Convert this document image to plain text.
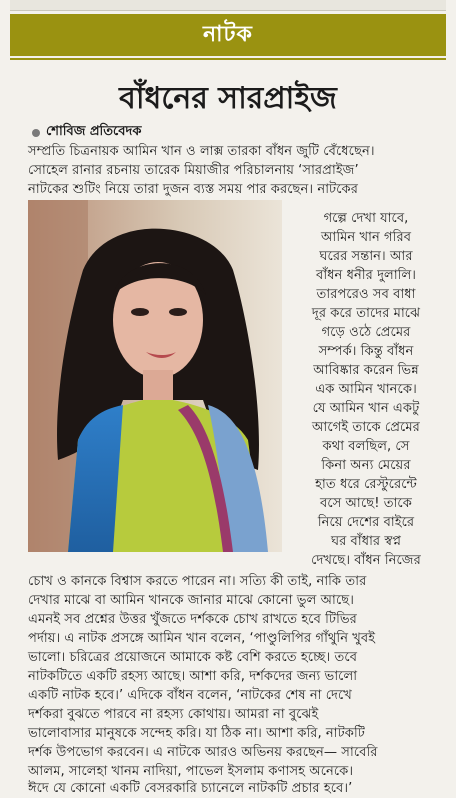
নাটক
বাঁধনের সারপ্রাইজ
শোবিজ প্রতিবেদক
সম্প্রতি চিত্রনায়ক আমিন খান ও লাক্স তারকা বাঁধন জুটি বেঁধেছেন।
সোহেল রানার রচনায় তারেক মিয়াজীর পরিচালনায় ‘সারপ্রাইজ’
নাটকের শুটিং নিয়ে তারা দুজন ব্যস্ত সময় পার করছেন। নাটকের
গল্পে দেখা যাবে,
আমিন খান গরিব
ঘরের সন্তান। আর
বাঁধন ধনীর দুলালি।
তারপরেও সব বাধা
দূর করে তাদের মাঝে
গড়ে ওঠে প্রেমের
সম্পর্ক। কিন্তু বাঁধন
আবিষ্কার করেন ভিন্ন
এক আমিন খানকে।
যে আমিন খান একটু
আগেই তাকে প্রেমের
কথা বলছিল, সে
কিনা অন্য মেয়ের
হাত ধরে রেস্টুরেন্টে
বসে আছে! তাকে
নিয়ে দেশের বাইরে
ঘর বাঁধার স্বপ্ন
দেখছে। বাঁধন নিজের
চোখ ও কানকে বিশ্বাস করতে পারেন না। সত্যি কী তাই, নাকি তার
দেখার মাঝে বা আমিন খানকে জানার মাঝে কোনো ভুল আছে।
এমনই সব প্রশ্নের উত্তর খুঁজতে দর্শককে চোখ রাখতে হবে টিভির
পর্দায়। এ নাটক প্রসঙ্গে আমিন খান বলেন, ‘পাণ্ডুলিপির গাঁথুনি খুবই
ভালো। চরিত্রের প্রয়োজনে আমাকে কষ্ট বেশি করতে হচ্ছে। তবে
নাটকটিতে একটি রহস্য আছে। আশা করি, দর্শকদের জন্য ভালো
একটি নাটক হবে।’ এদিকে বাঁধন বলেন, ‘নাটকের শেষ না দেখে
দর্শকরা বুঝতে পারবে না রহস্য কোথায়। আমরা না বুঝেই
ভালোবাসার মানুষকে সন্দেহ করি। যা ঠিক না। আশা করি, নাটকটি
দর্শক উপভোগ করবেন। এ নাটকে আরও অভিনয় করছেন— সাবেরি
আলম, সালেহা খানম নাদিয়া, পাভেল ইসলাম কণাসহ অনেকে।
ঈদে যে কোনো একটি বেসরকারি চ্যানেলে নাটকটি প্রচার হবে।’
